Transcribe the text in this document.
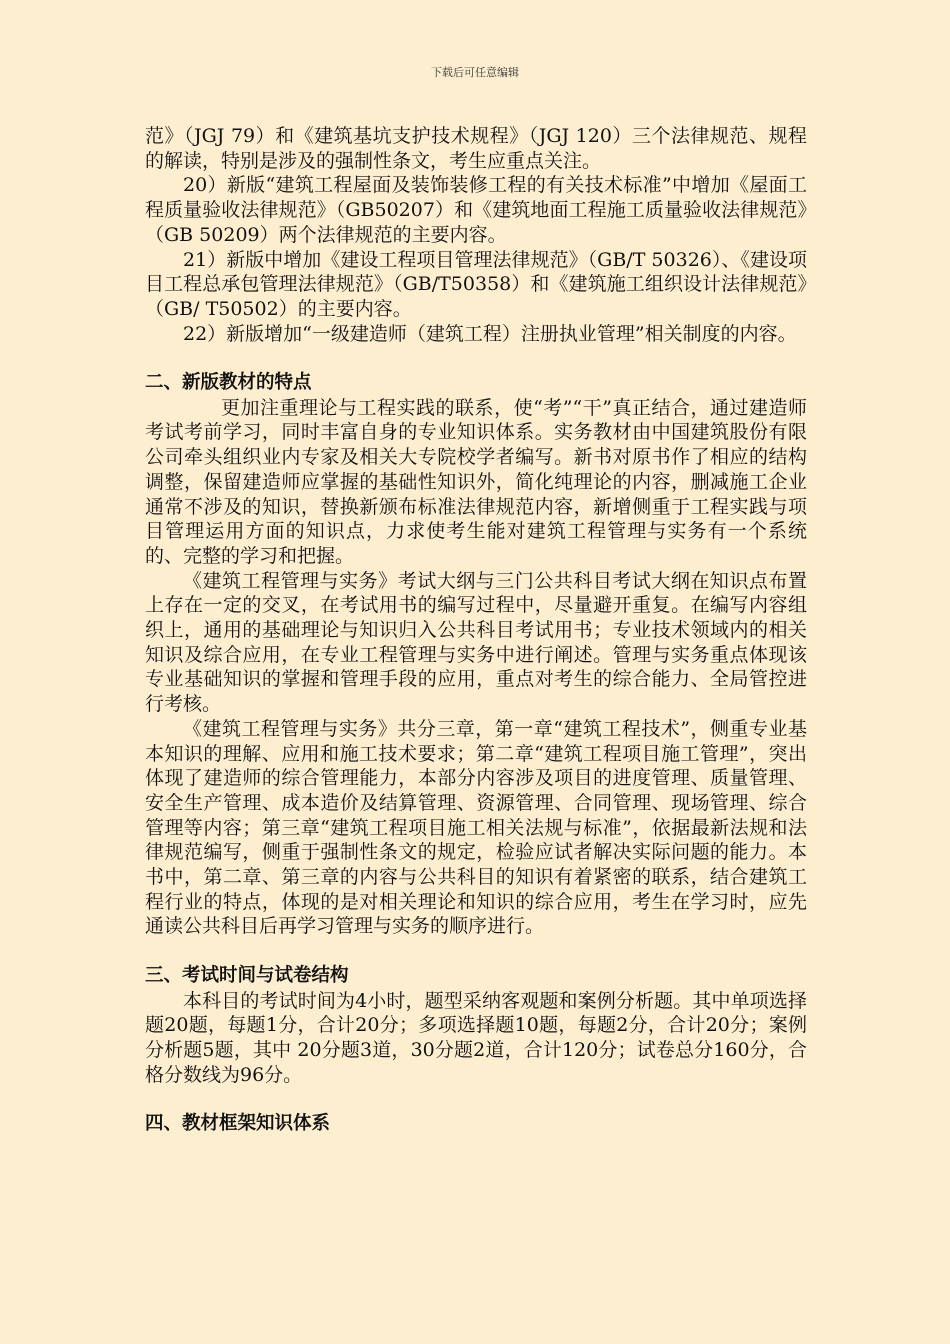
下载后可任意编辑

范》（JGJ 79）和《建筑基坑支护技术规程》（JGJ 120）三个法律规范、规程的解读，特别是涉及的强制性条文，考生应重点关注。

20）新版“建筑工程屋面及装饰装修工程的有关技术标准”中增加《屋面工程质量验收法律规范》（GB50207）和《建筑地面工程施工质量验收法律规范》（GB 50209）两个法律规范的主要内容。

21）新版中增加《建设工程项目管理法律规范》（GB/T 50326）、《建设项目工程总承包管理法律规范》（GB/T50358）和《建筑施工组织设计法律规范》（GB/ T50502）的主要内容。

22）新版增加“一级建造师（建筑工程）注册执业管理”相关制度的内容。

二、新版教材的特点

更加注重理论与工程实践的联系，使“考”“干”真正结合，通过建造师考试考前学习，同时丰富自身的专业知识体系。实务教材由中国建筑股份有限公司牵头组织业内专家及相关大专院校学者编写。新书对原书作了相应的结构调整，保留建造师应掌握的基础性知识外，简化纯理论的内容，删减施工企业通常不涉及的知识，替换新颁布标准法律规范内容，新增侧重于工程实践与项目管理运用方面的知识点，力求使考生能对建筑工程管理与实务有一个系统的、完整的学习和把握。

《建筑工程管理与实务》考试大纲与三门公共科目考试大纲在知识点布置上存在一定的交叉，在考试用书的编写过程中，尽量避开重复。在编写内容组织上，通用的基础理论与知识归入公共科目考试用书；专业技术领域内的相关知识及综合应用，在专业工程管理与实务中进行阐述。管理与实务重点体现该专业基础知识的掌握和管理手段的应用，重点对考生的综合能力、全局管控进行考核。

《建筑工程管理与实务》共分三章，第一章“建筑工程技术”，侧重专业基本知识的理解、应用和施工技术要求；第二章“建筑工程项目施工管理”，突出体现了建造师的综合管理能力，本部分内容涉及项目的进度管理、质量管理、安全生产管理、成本造价及结算管理、资源管理、合同管理、现场管理、综合管理等内容；第三章“建筑工程项目施工相关法规与标准”，依据最新法规和法律规范编写，侧重于强制性条文的规定，检验应试者解决实际问题的能力。本书中，第二章、第三章的内容与公共科目的知识有着紧密的联系，结合建筑工程行业的特点，体现的是对相关理论和知识的综合应用，考生在学习时，应先通读公共科目后再学习管理与实务的顺序进行。

三、考试时间与试卷结构

本科目的考试时间为4小时，题型采纳客观题和案例分析题。其中单项选择题20题，每题1分，合计20分；多项选择题10题，每题2分，合计20分；案例分析题5题，其中 20分题3道，30分题2道，合计120分；试卷总分160分，合格分数线为96分。

四、教材框架知识体系
